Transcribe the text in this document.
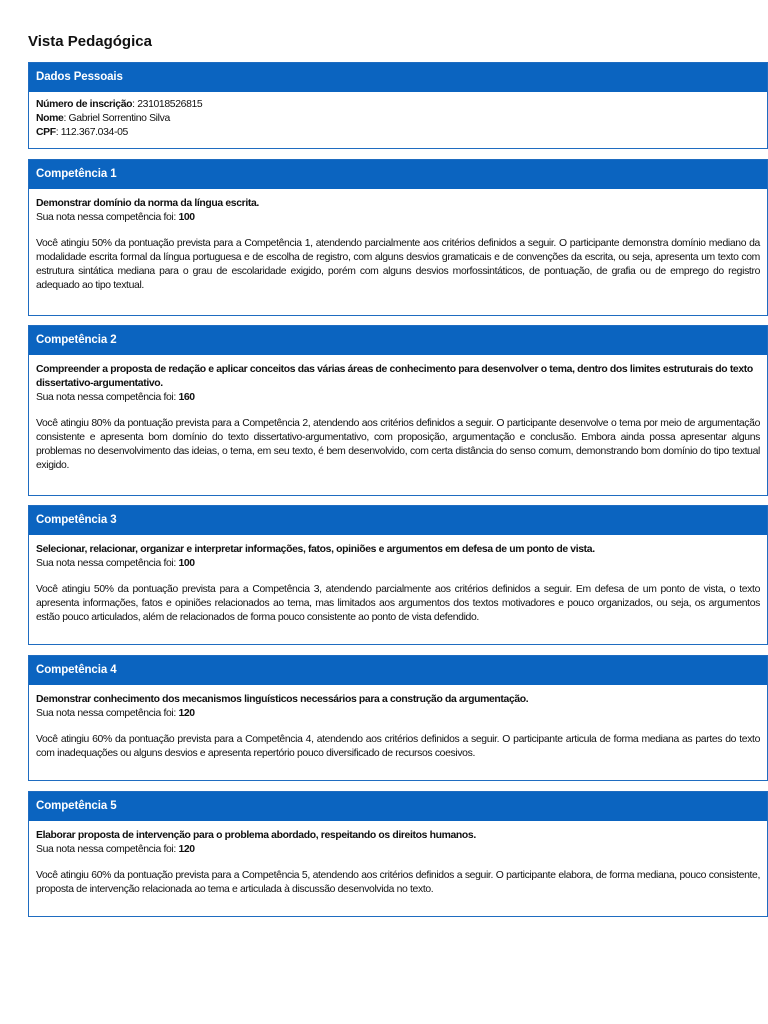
Vista Pedagógica
Dados Pessoais
Número de inscrição: 231018526815
Nome: Gabriel Sorrentino Silva
CPF: 112.367.034-05
Competência 1
Demonstrar domínio da norma da língua escrita.
Sua nota nessa competência foi: 100
Você atingiu 50% da pontuação prevista para a Competência 1, atendendo parcialmente aos critérios definidos a seguir. O participante demonstra domínio mediano da modalidade escrita formal da língua portuguesa e de escolha de registro, com alguns desvios gramaticais e de convenções da escrita, ou seja, apresenta um texto com estrutura sintática mediana para o grau de escolaridade exigido, porém com alguns desvios morfossintáticos, de pontuação, de grafia ou de emprego do registro adequado ao tipo textual.
Competência 2
Compreender a proposta de redação e aplicar conceitos das várias áreas de conhecimento para desenvolver o tema, dentro dos limites estruturais do texto dissertativo-argumentativo.
Sua nota nessa competência foi: 160
Você atingiu 80% da pontuação prevista para a Competência 2, atendendo aos critérios definidos a seguir. O participante desenvolve o tema por meio de argumentação consistente e apresenta bom domínio do texto dissertativo-argumentativo, com proposição, argumentação e conclusão. Embora ainda possa apresentar alguns problemas no desenvolvimento das ideias, o tema, em seu texto, é bem desenvolvido, com certa distância do senso comum, demonstrando bom domínio do tipo textual exigido.
Competência 3
Selecionar, relacionar, organizar e interpretar informações, fatos, opiniões e argumentos em defesa de um ponto de vista.
Sua nota nessa competência foi: 100
Você atingiu 50% da pontuação prevista para a Competência 3, atendendo parcialmente aos critérios definidos a seguir. Em defesa de um ponto de vista, o texto apresenta informações, fatos e opiniões relacionados ao tema, mas limitados aos argumentos dos textos motivadores e pouco organizados, ou seja, os argumentos estão pouco articulados, além de relacionados de forma pouco consistente ao ponto de vista defendido.
Competência 4
Demonstrar conhecimento dos mecanismos linguísticos necessários para a construção da argumentação.
Sua nota nessa competência foi: 120
Você atingiu 60% da pontuação prevista para a Competência 4, atendendo aos critérios definidos a seguir. O participante articula de forma mediana as partes do texto com inadequações ou alguns desvios e apresenta repertório pouco diversificado de recursos coesivos.
Competência 5
Elaborar proposta de intervenção para o problema abordado, respeitando os direitos humanos.
Sua nota nessa competência foi: 120
Você atingiu 60% da pontuação prevista para a Competência 5, atendendo aos critérios definidos a seguir. O participante elabora, de forma mediana, pouco consistente, proposta de intervenção relacionada ao tema e articulada à discussão desenvolvida no texto.
